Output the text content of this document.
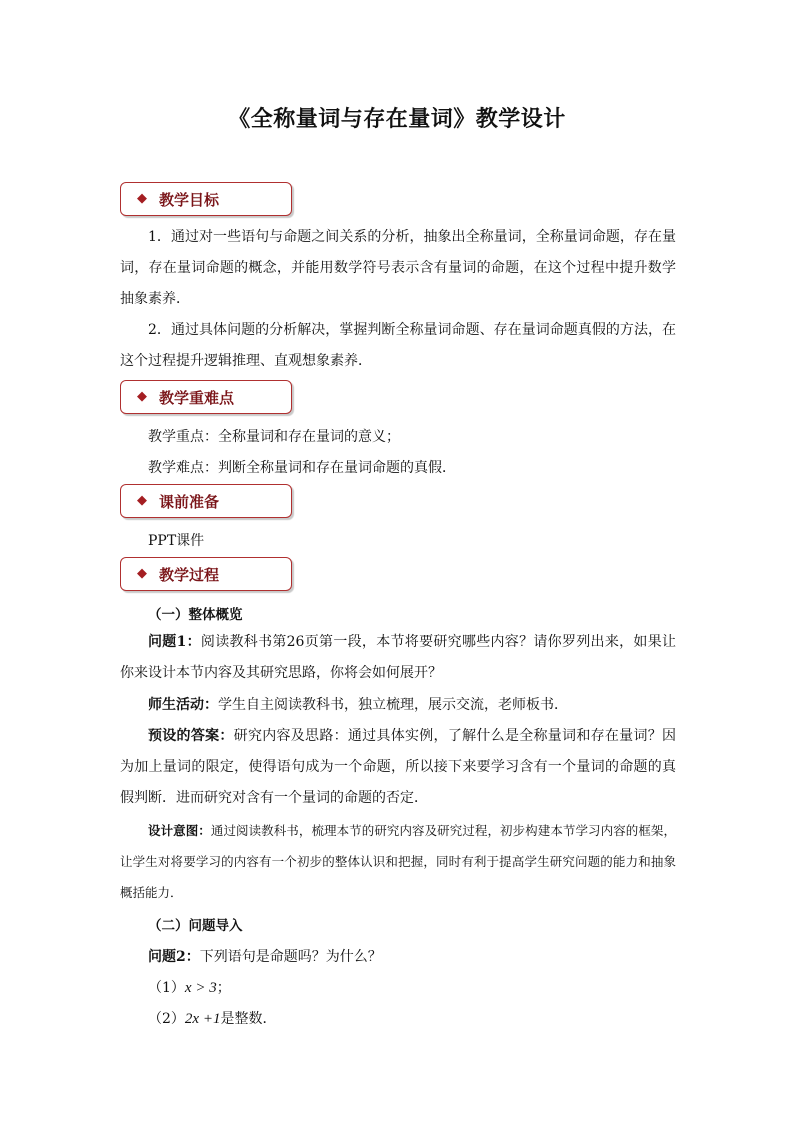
《全称量词与存在量词》教学设计
◆ 教学目标
1．通过对一些语句与命题之间关系的分析，抽象出全称量词，全称量词命题，存在量词，存在量词命题的概念，并能用数学符号表示含有量词的命题，在这个过程中提升数学抽象素养．
2．通过具体问题的分析解决，掌握判断全称量词命题、存在量词命题真假的方法，在这个过程提升逻辑推理、直观想象素养．
◆ 教学重难点
教学重点：全称量词和存在量词的意义；
教学难点：判断全称量词和存在量词命题的真假．
◆ 课前准备
PPT课件
◆ 教学过程
（一）整体概览
问题1：阅读教科书第26页第一段，本节将要研究哪些内容？请你罗列出来，如果让你来设计本节内容及其研究思路，你将会如何展开？
师生活动：学生自主阅读教科书，独立梳理，展示交流，老师板书．
预设的答案：研究内容及思路：通过具体实例，了解什么是全称量词和存在量词？因为加上量词的限定，使得语句成为一个命题，所以接下来要学习含有一个量词的命题的真假判断．进而研究对含有一个量词的命题的否定．
设计意图：通过阅读教科书，梳理本节的研究内容及研究过程，初步构建本节学习内容的框架，让学生对将要学习的内容有一个初步的整体认识和把握，同时有利于提高学生研究问题的能力和抽象概括能力．
（二）问题导入
问题2：下列语句是命题吗？为什么？
（1）x > 3；
（2）2x +1是整数．
